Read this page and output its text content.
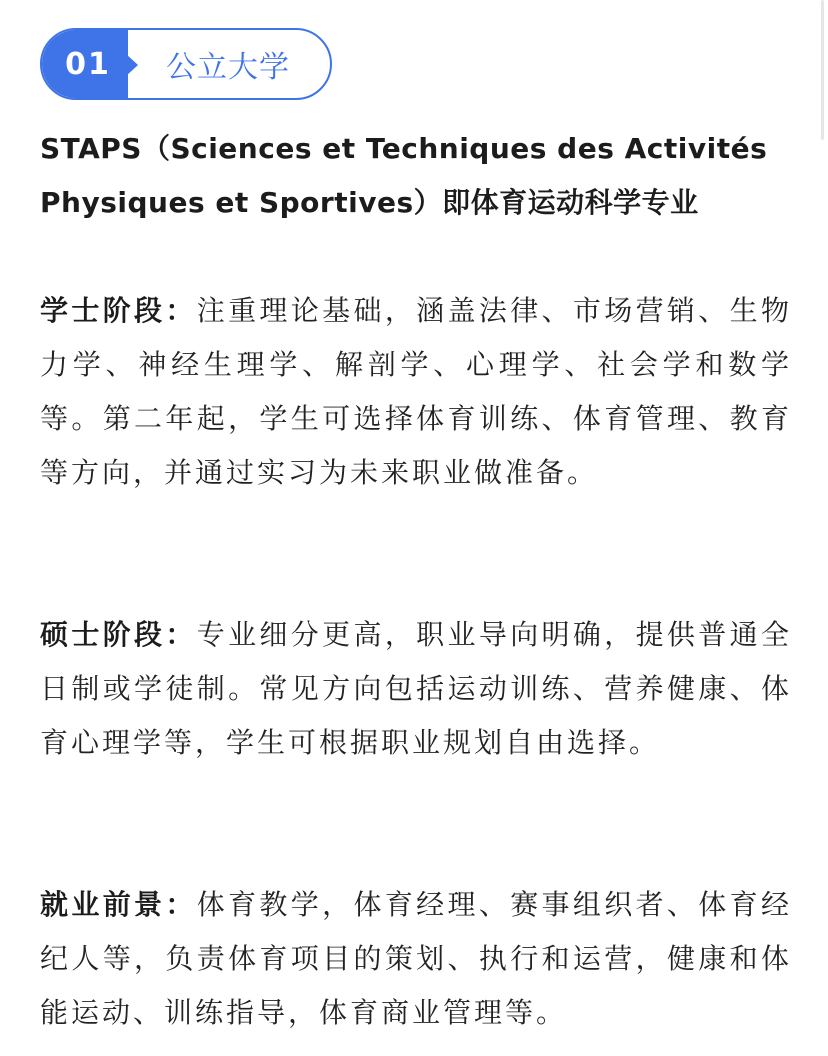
01	公立大学
STAPS（Sciences et Techniques des Activités Physiques et Sportives）即体育运动科学专业
学士阶段：注重理论基础，涵盖法律、市场营销、生物力学、神经生理学、解剖学、心理学、社会学和数学等。第二年起，学生可选择体育训练、体育管理、教育等方向，并通过实习为未来职业做准备。
硕士阶段：专业细分更高，职业导向明确，提供普通全日制或学徒制。常见方向包括运动训练、营养健康、体育心理学等，学生可根据职业规划自由选择。
就业前景：体育教学，体育经理、赛事组织者、体育经纪人等，负责体育项目的策划、执行和运营，健康和体能运动、训练指导，体育商业管理等。
